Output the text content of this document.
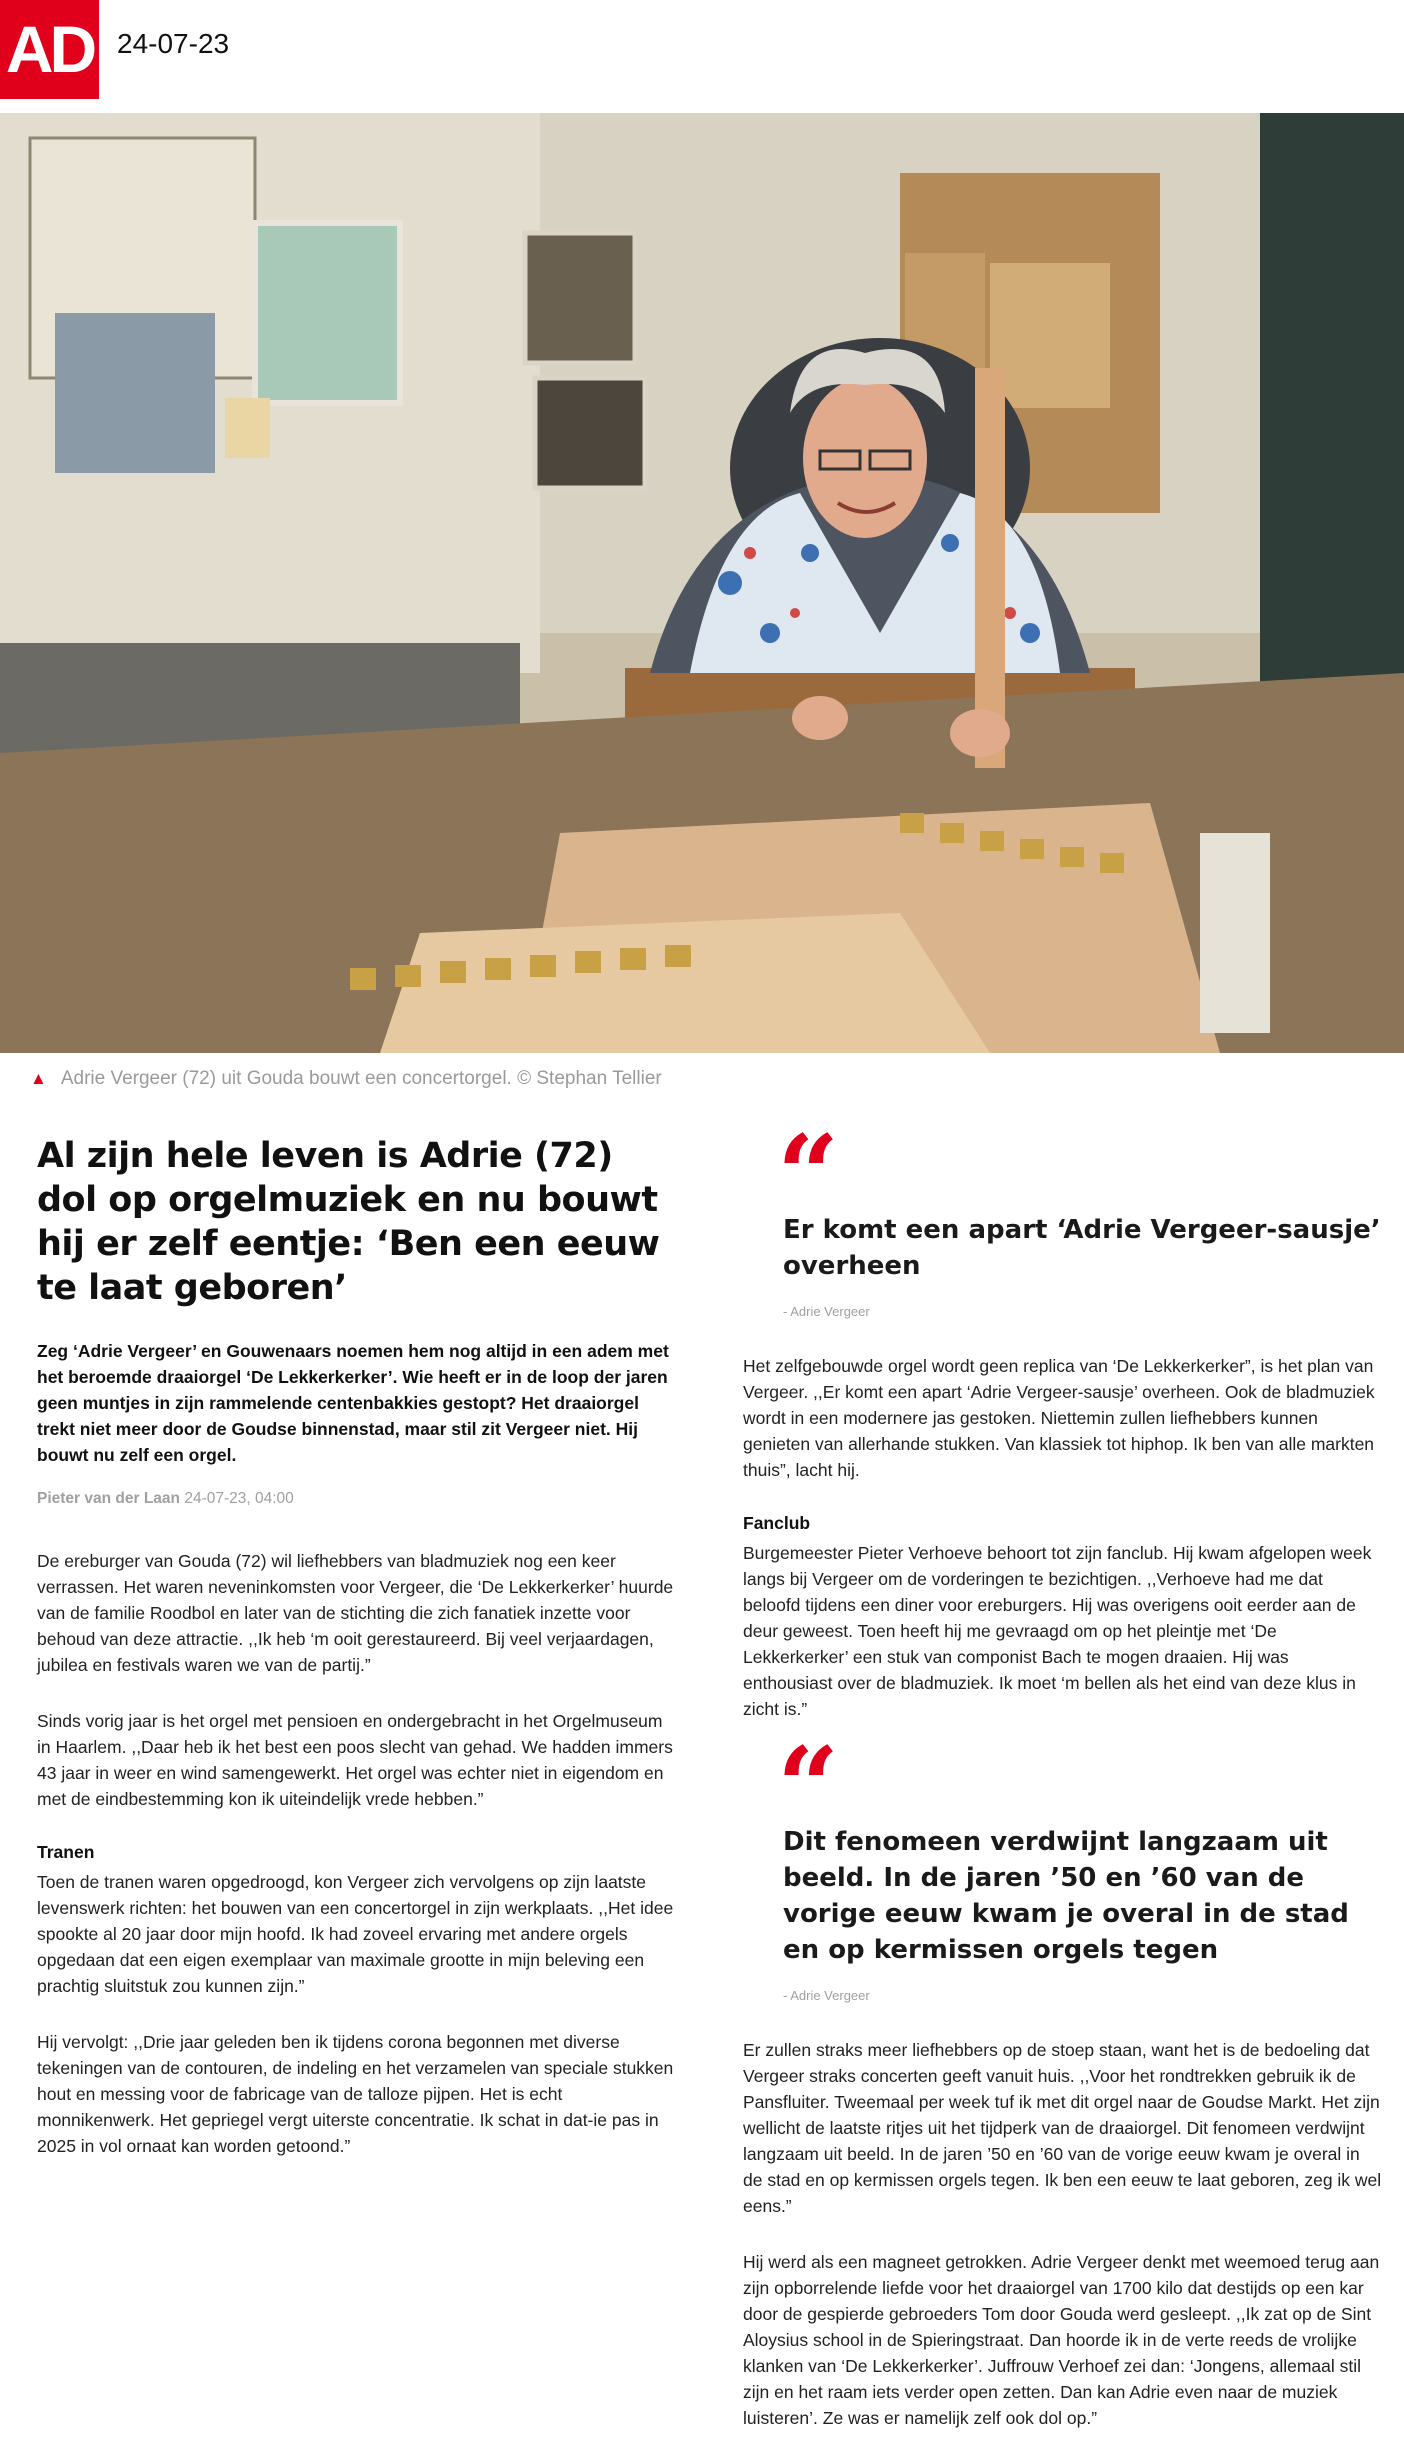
AD 24-07-23
▲ Adrie Vergeer (72) uit Gouda bouwt een concertorgel. © Stephan Tellier
Al zijn hele leven is Adrie (72) dol op orgelmuziek en nu bouwt hij er zelf eentje: ‘Ben een eeuw te laat geboren’
Zeg ‘Adrie Vergeer’ en Gouwenaars noemen hem nog altijd in een adem met het beroemde draaiorgel ‘De Lekkerkerker’. Wie heeft er in de loop der jaren geen muntjes in zijn rammelende centenbakkies gestopt? Het draaiorgel trekt niet meer door de Goudse binnenstad, maar stil zit Vergeer niet. Hij bouwt nu zelf een orgel.
Pieter van der Laan 24-07-23, 04:00

De ereburger van Gouda (72) wil liefhebbers van bladmuziek nog een keer verrassen. Het waren neveninkomsten voor Vergeer, die ‘De Lekkerkerker’ huurde van de familie Roodbol en later van de stichting die zich fanatiek inzette voor behoud van deze attractie. ,,Ik heb ‘m ooit gerestaureerd. Bij veel verjaardagen, jubilea en festivals waren we van de partij.”

Sinds vorig jaar is het orgel met pensioen en ondergebracht in het Orgelmuseum in Haarlem. ,,Daar heb ik het best een poos slecht van gehad. We hadden immers 43 jaar in weer en wind samengewerkt. Het orgel was echter niet in eigendom en met de eindbestemming kon ik uiteindelijk vrede hebben.”

Tranen

Toen de tranen waren opgedroogd, kon Vergeer zich vervolgens op zijn laatste levenswerk richten: het bouwen van een concertorgel in zijn werkplaats. ,,Het idee spookte al 20 jaar door mijn hoofd. Ik had zoveel ervaring met andere orgels opgedaan dat een eigen exemplaar van maximale grootte in mijn beleving een prachtig sluitstuk zou kunnen zijn.”

Hij vervolgt: ,,Drie jaar geleden ben ik tijdens corona begonnen met diverse tekeningen van de contouren, de indeling en het verzamelen van speciale stukken hout en messing voor de fabricage van de talloze pijpen. Het is echt monnikenwerk. Het gepriegel vergt uiterste concentratie. Ik schat in dat-ie pas in 2025 in vol ornaat kan worden getoond.”

“
Er komt een apart ‘Adrie Vergeer-sausje’ overheen
- Adrie Vergeer

Het zelfgebouwde orgel wordt geen replica van ‘De Lekkerkerker”, is het plan van Vergeer. ,,Er komt een apart ‘Adrie Vergeer-sausje’ overheen. Ook de bladmuziek wordt in een modernere jas gestoken. Niettemin zullen liefhebbers kunnen genieten van allerhande stukken. Van klassiek tot hiphop. Ik ben van alle markten thuis”, lacht hij.

Fanclub

Burgemeester Pieter Verhoeve behoort tot zijn fanclub. Hij kwam afgelopen week langs bij Vergeer om de vorderingen te bezichtigen. ,,Verhoeve had me dat beloofd tijdens een diner voor ereburgers. Hij was overigens ooit eerder aan de deur geweest. Toen heeft hij me gevraagd om op het pleintje met ‘De Lekkerkerker’ een stuk van componist Bach te mogen draaien. Hij was enthousiast over de bladmuziek. Ik moet ‘m bellen als het eind van deze klus in zicht is.”

“
Dit fenomeen verdwijnt langzaam uit beeld. In de jaren ’50 en ’60 van de vorige eeuw kwam je overal in de stad en op kermissen orgels tegen
- Adrie Vergeer

Er zullen straks meer liefhebbers op de stoep staan, want het is de bedoeling dat Vergeer straks concerten geeft vanuit huis. ,,Voor het rondtrekken gebruik ik de Pansfluiter. Tweemaal per week tuf ik met dit orgel naar de Goudse Markt. Het zijn wellicht de laatste ritjes uit het tijdperk van de draaiorgel. Dit fenomeen verdwijnt langzaam uit beeld. In de jaren ’50 en ’60 van de vorige eeuw kwam je overal in de stad en op kermissen orgels tegen. Ik ben een eeuw te laat geboren, zeg ik wel eens.”

Hij werd als een magneet getrokken. Adrie Vergeer denkt met weemoed terug aan zijn opborrelende liefde voor het draaiorgel van 1700 kilo dat destijds op een kar door de gespierde gebroeders Tom door Gouda werd gesleept. ,,Ik zat op de Sint Aloysius school in de Spieringstraat. Dan hoorde ik in de verte reeds de vrolijke klanken van ‘De Lekkerkerker’. Juffrouw Verhoef zei dan: ‘Jongens, allemaal stil zijn en het raam iets verder open zetten. Dan kan Adrie even naar de muziek luisteren’. Ze was er namelijk zelf ook dol op.”
